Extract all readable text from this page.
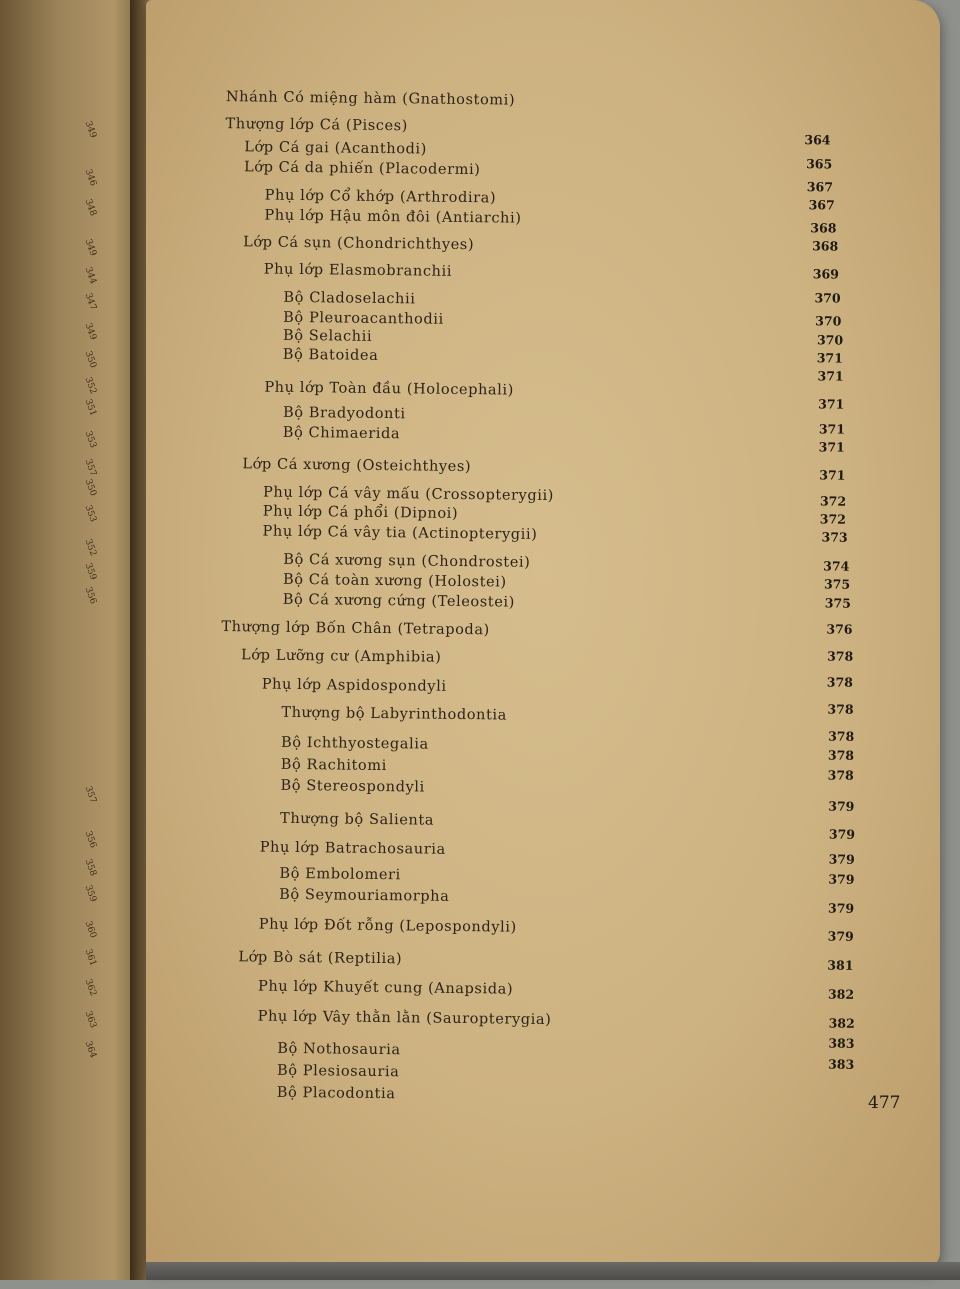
349
346
348
349
344
347
349
350
352
351
353
357
350
353
352
359
356
357
356
358
359
360
361
362
363
364
Nhánh Có miệng hàm (Gnathostomi)
Thượng lớp Cá (Pisces)
Lớp Cá gai (Acanthodi)
Lớp Cá da phiến (Placodermi)
Phụ lớp Cổ khớp (Arthrodira)
Phụ lớp Hậu môn đôi (Antiarchi)
Lớp Cá sụn (Chondrichthyes)
Phụ lớp Elasmobranchii
Bộ Cladoselachii
Bộ Pleuroacanthodii
Bộ Selachii
Bộ Batoidea
Phụ lớp Toàn đầu (Holocephali)
Bộ Bradyodonti
Bộ Chimaerida
Lớp Cá xương (Osteichthyes)
Phụ lớp Cá vây mấu (Crossopterygii)
Phụ lớp Cá phổi (Dipnoi)
Phụ lớp Cá vây tia (Actinopterygii)
Bộ Cá xương sụn (Chondrostei)
Bộ Cá toàn xương (Holostei)
Bộ Cá xương cứng (Teleostei)
Thượng lớp Bốn Chân (Tetrapoda)
Lớp Lưỡng cư (Amphibia)
Phụ lớp Aspidospondyli
Thượng bộ Labyrinthodontia
Bộ Ichthyostegalia
Bộ Rachitomi
Bộ Stereospondyli
Thượng bộ Salienta
Phụ lớp Batrachosauria
Bộ Embolomeri
Bộ Seymouriamorpha
Phụ lớp Đốt rỗng (Lepospondyli)
Lớp Bò sát (Reptilia)
Phụ lớp Khuyết cung (Anapsida)
Phụ lớp Vây thằn lằn (Sauropterygia)
Bộ Nothosauria
Bộ Plesiosauria
Bộ Placodontia
364
365
367
367
368
368
369
370
370
370
371
371
371
371
371
371
372
372
373
374
375
375
376
378
378
378
378
378
378
379
379
379
379
379
379
381
382
382
383
383
477
